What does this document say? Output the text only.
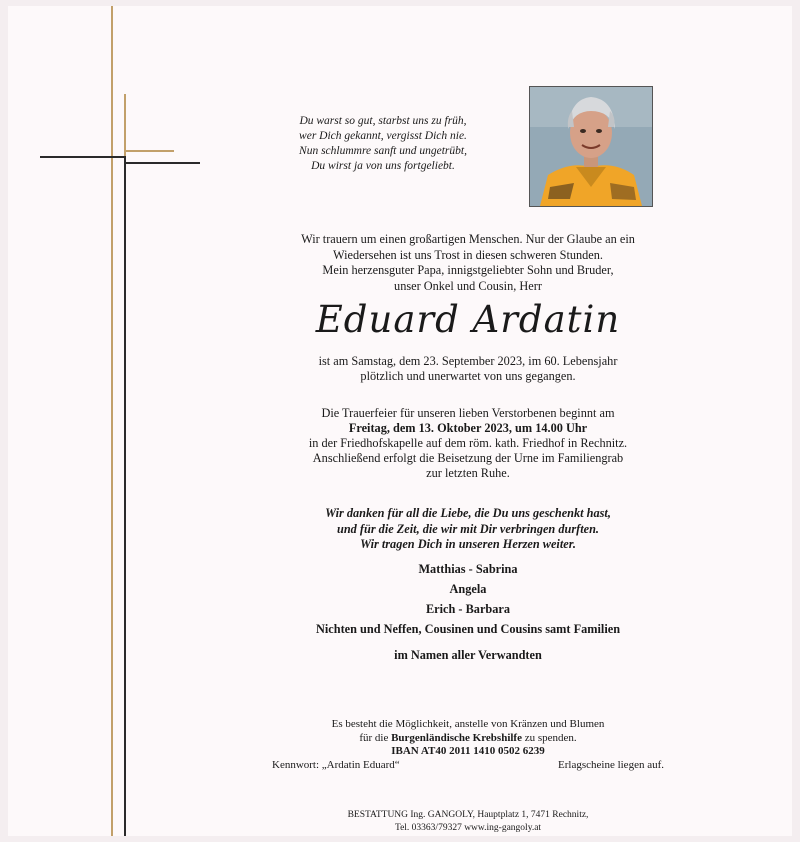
Du warst so gut, starbst uns zu früh,
wer Dich gekannt, vergisst Dich nie.
Nun schlummre sanft und ungetrübt,
Du wirst ja von uns fortgeliebt.
Wir trauern um einen großartigen Menschen. Nur der Glaube an ein
Wiedersehen ist uns Trost in diesen schweren Stunden.
Mein herzensguter Papa, innigstgeliebter Sohn und Bruder,
unser Onkel und Cousin, Herr
Eduard Ardatin
ist am Samstag, dem 23. September 2023, im 60. Lebensjahr
plötzlich und unerwartet von uns gegangen.
Die Trauerfeier für unseren lieben Verstorbenen beginnt am
Freitag, dem 13. Oktober 2023, um 14.00 Uhr
in der Friedhofskapelle auf dem röm. kath. Friedhof in Rechnitz.
Anschließend erfolgt die Beisetzung der Urne im Familiengrab
zur letzten Ruhe.
Wir danken für all die Liebe, die Du uns geschenkt hast,
und für die Zeit, die wir mit Dir verbringen durften.
Wir tragen Dich in unseren Herzen weiter.
Matthias - Sabrina
Angela
Erich - Barbara
Nichten und Neffen, Cousinen und Cousins samt Familien
im Namen aller Verwandten
Es besteht die Möglichkeit, anstelle von Kränzen und Blumen
für die Burgenländische Krebshilfe zu spenden.
IBAN AT40 2011 1410 0502 6239
Kennwort: „Ardatin Eduard“	Erlagscheine liegen auf.
BESTATTUNG Ing. GANGOLY, Hauptplatz 1, 7471 Rechnitz,
Tel. 03363/79327 www.ing-gangoly.at
